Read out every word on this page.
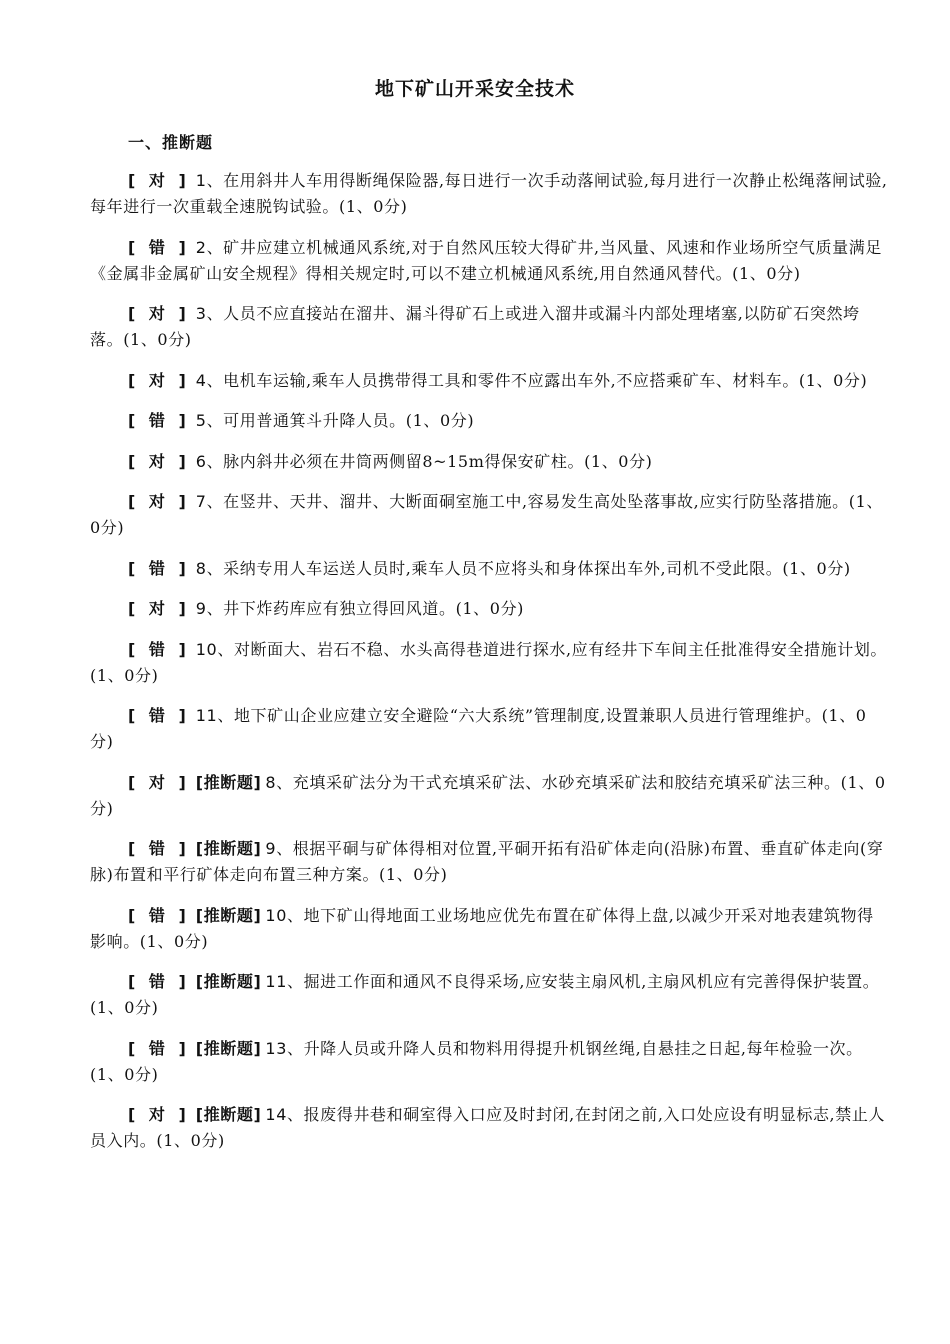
地下矿山开采安全技术
一、推断题
[ 对 ] 1、在用斜井人车用得断绳保险器,每日进行一次手动落闸试验,每月进行一次静止松绳落闸试验,每年进行一次重载全速脱钩试验。(1、0分)
[ 错 ] 2、矿井应建立机械通风系统,对于自然风压较大得矿井,当风量、风速和作业场所空气质量满足《金属非金属矿山安全规程》得相关规定时,可以不建立机械通风系统,用自然通风替代。(1、0分)
[ 对 ] 3、人员不应直接站在溜井、漏斗得矿石上或进入溜井或漏斗内部处理堵塞,以防矿石突然垮落。(1、0分)
[ 对 ] 4、电机车运输,乘车人员携带得工具和零件不应露出车外,不应搭乘矿车、材料车。(1、0分)
[ 错 ] 5、可用普通箕斗升降人员。(1、0分)
[ 对 ] 6、脉内斜井必须在井筒两侧留8~15m得保安矿柱。(1、0分)
[ 对 ] 7、在竖井、天井、溜井、大断面硐室施工中,容易发生高处坠落事故,应实行防坠落措施。(1、0分)
[ 错 ] 8、采纳专用人车运送人员时,乘车人员不应将头和身体探出车外,司机不受此限。(1、0分)
[ 对 ] 9、井下炸药库应有独立得回风道。(1、0分)
[ 错 ] 10、对断面大、岩石不稳、水头高得巷道进行探水,应有经井下车间主任批准得安全措施计划。(1、0分)
[ 错 ] 11、地下矿山企业应建立安全避险“六大系统”管理制度,设置兼职人员进行管理维护。(1、0分)
[ 对 ] [推断题] 8、充填采矿法分为干式充填采矿法、水砂充填采矿法和胶结充填采矿法三种。(1、0分)
[ 错 ] [推断题] 9、根据平硐与矿体得相对位置,平硐开拓有沿矿体走向(沿脉)布置、垂直矿体走向(穿脉)布置和平行矿体走向布置三种方案。(1、0分)
[ 错 ] [推断题] 10、地下矿山得地面工业场地应优先布置在矿体得上盘,以减少开采对地表建筑物得影响。(1、0分)
[ 错 ] [推断题] 11、掘进工作面和通风不良得采场,应安装主扇风机,主扇风机应有完善得保护装置。(1、0分)
[ 错 ] [推断题] 13、升降人员或升降人员和物料用得提升机钢丝绳,自悬挂之日起,每年检验一次。(1、0分)
[ 对 ] [推断题] 14、报废得井巷和硐室得入口应及时封闭,在封闭之前,入口处应设有明显标志,禁止人员入内。(1、0分)
